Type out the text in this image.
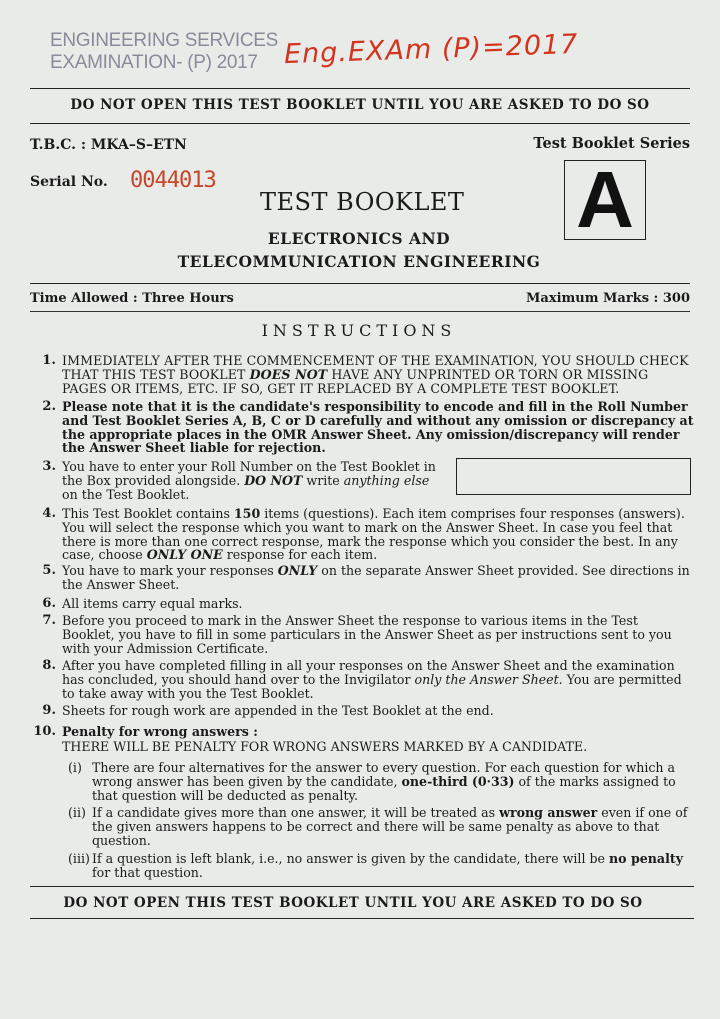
ENGINEERING SERVICES
EXAMINATION- (P) 2017 Eng.EXAm (P)=2017
DO NOT OPEN THIS TEST BOOKLET UNTIL YOU ARE ASKED TO DO SO
T.B.C. : MKA–S–ETN	Test Booklet Series
Serial No. 0044013
TEST BOOKLET A
ELECTRONICS AND
TELECOMMUNICATION ENGINEERING
Time Allowed : Three Hours	Maximum Marks : 300
INSTRUCTIONS
1. IMMEDIATELY AFTER THE COMMENCEMENT OF THE EXAMINATION, YOU SHOULD CHECK THAT THIS TEST BOOKLET DOES NOT HAVE ANY UNPRINTED OR TORN OR MISSING PAGES OR ITEMS, ETC. IF SO, GET IT REPLACED BY A COMPLETE TEST BOOKLET.
2. Please note that it is the candidate's responsibility to encode and fill in the Roll Number and Test Booklet Series A, B, C or D carefully and without any omission or discrepancy at the appropriate places in the OMR Answer Sheet. Any omission/discrepancy will render the Answer Sheet liable for rejection.
3. You have to enter your Roll Number on the Test Booklet in the Box provided alongside. DO NOT write anything else on the Test Booklet.
4. This Test Booklet contains 150 items (questions). Each item comprises four responses (answers). You will select the response which you want to mark on the Answer Sheet. In case you feel that there is more than one correct response, mark the response which you consider the best. In any case, choose ONLY ONE response for each item.
5. You have to mark your responses ONLY on the separate Answer Sheet provided. See directions in the Answer Sheet.
6. All items carry equal marks.
7. Before you proceed to mark in the Answer Sheet the response to various items in the Test Booklet, you have to fill in some particulars in the Answer Sheet as per instructions sent to you with your Admission Certificate.
8. After you have completed filling in all your responses on the Answer Sheet and the examination has concluded, you should hand over to the Invigilator only the Answer Sheet. You are permitted to take away with you the Test Booklet.
9. Sheets for rough work are appended in the Test Booklet at the end.
10. Penalty for wrong answers :
THERE WILL BE PENALTY FOR WRONG ANSWERS MARKED BY A CANDIDATE.
(i) There are four alternatives for the answer to every question. For each question for which a wrong answer has been given by the candidate, one-third (0·33) of the marks assigned to that question will be deducted as penalty.
(ii) If a candidate gives more than one answer, it will be treated as wrong answer even if one of the given answers happens to be correct and there will be same penalty as above to that question.
(iii) If a question is left blank, i.e., no answer is given by the candidate, there will be no penalty for that question.
DO NOT OPEN THIS TEST BOOKLET UNTIL YOU ARE ASKED TO DO SO
